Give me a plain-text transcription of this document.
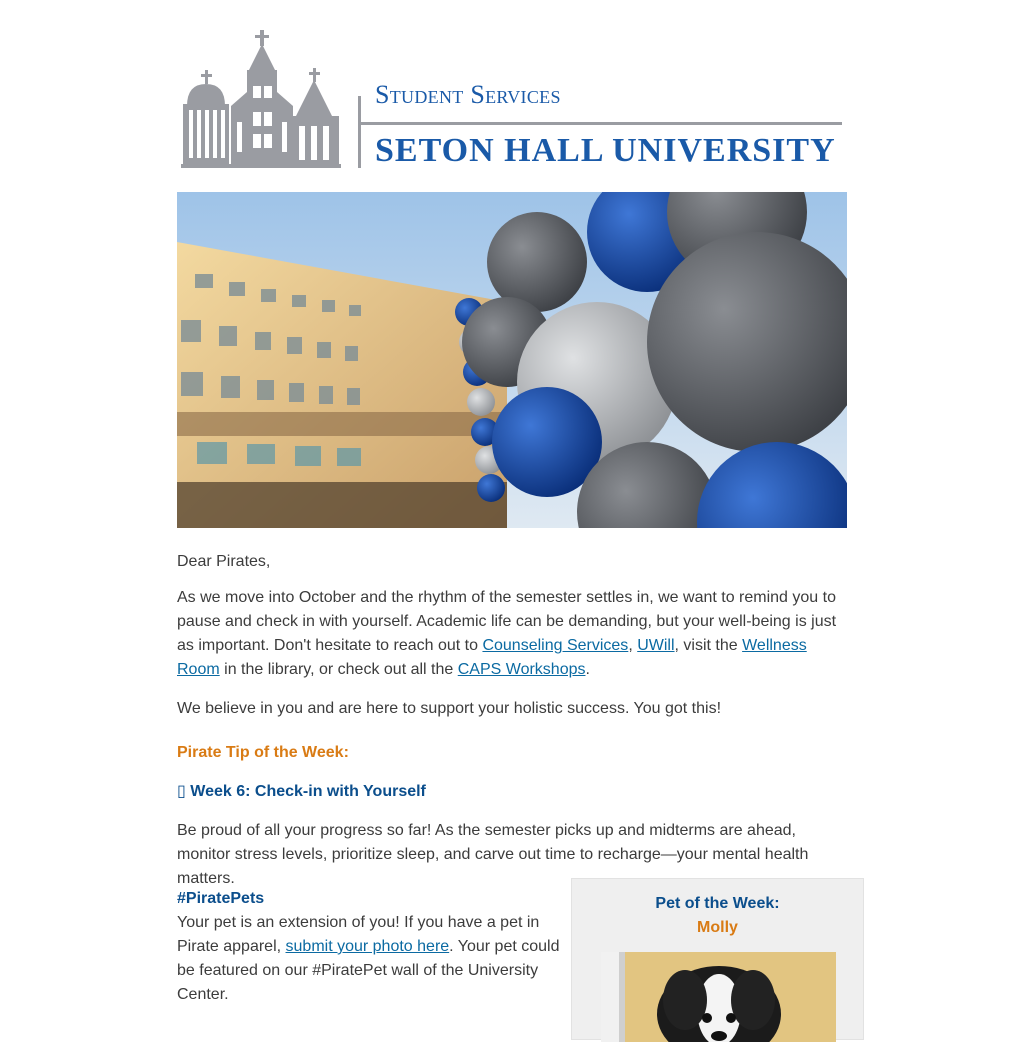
Student Services
SETON HALL UNIVERSITY
Dear Pirates,
As we move into October and the rhythm of the semester settles in, we want to remind you to pause and check in with yourself. Academic life can be demanding, but your well-being is just as important. Don't hesitate to reach out to Counseling Services, UWill, visit the Wellness Room in the library, or check out all the CAPS Workshops.
We believe in you and are here to support your holistic success. You got this!
Pirate Tip of the Week:
▯ Week 6: Check-in with Yourself
Be proud of all your progress so far! As the semester picks up and midterms are ahead, monitor stress levels, prioritize sleep, and carve out time to recharge—your mental health matters.
#PiratePets
Your pet is an extension of you! If you have a pet in Pirate apparel, submit your photo here. Your pet could be featured on our #PiratePet wall of the University Center.
Pet of the Week:
Molly
